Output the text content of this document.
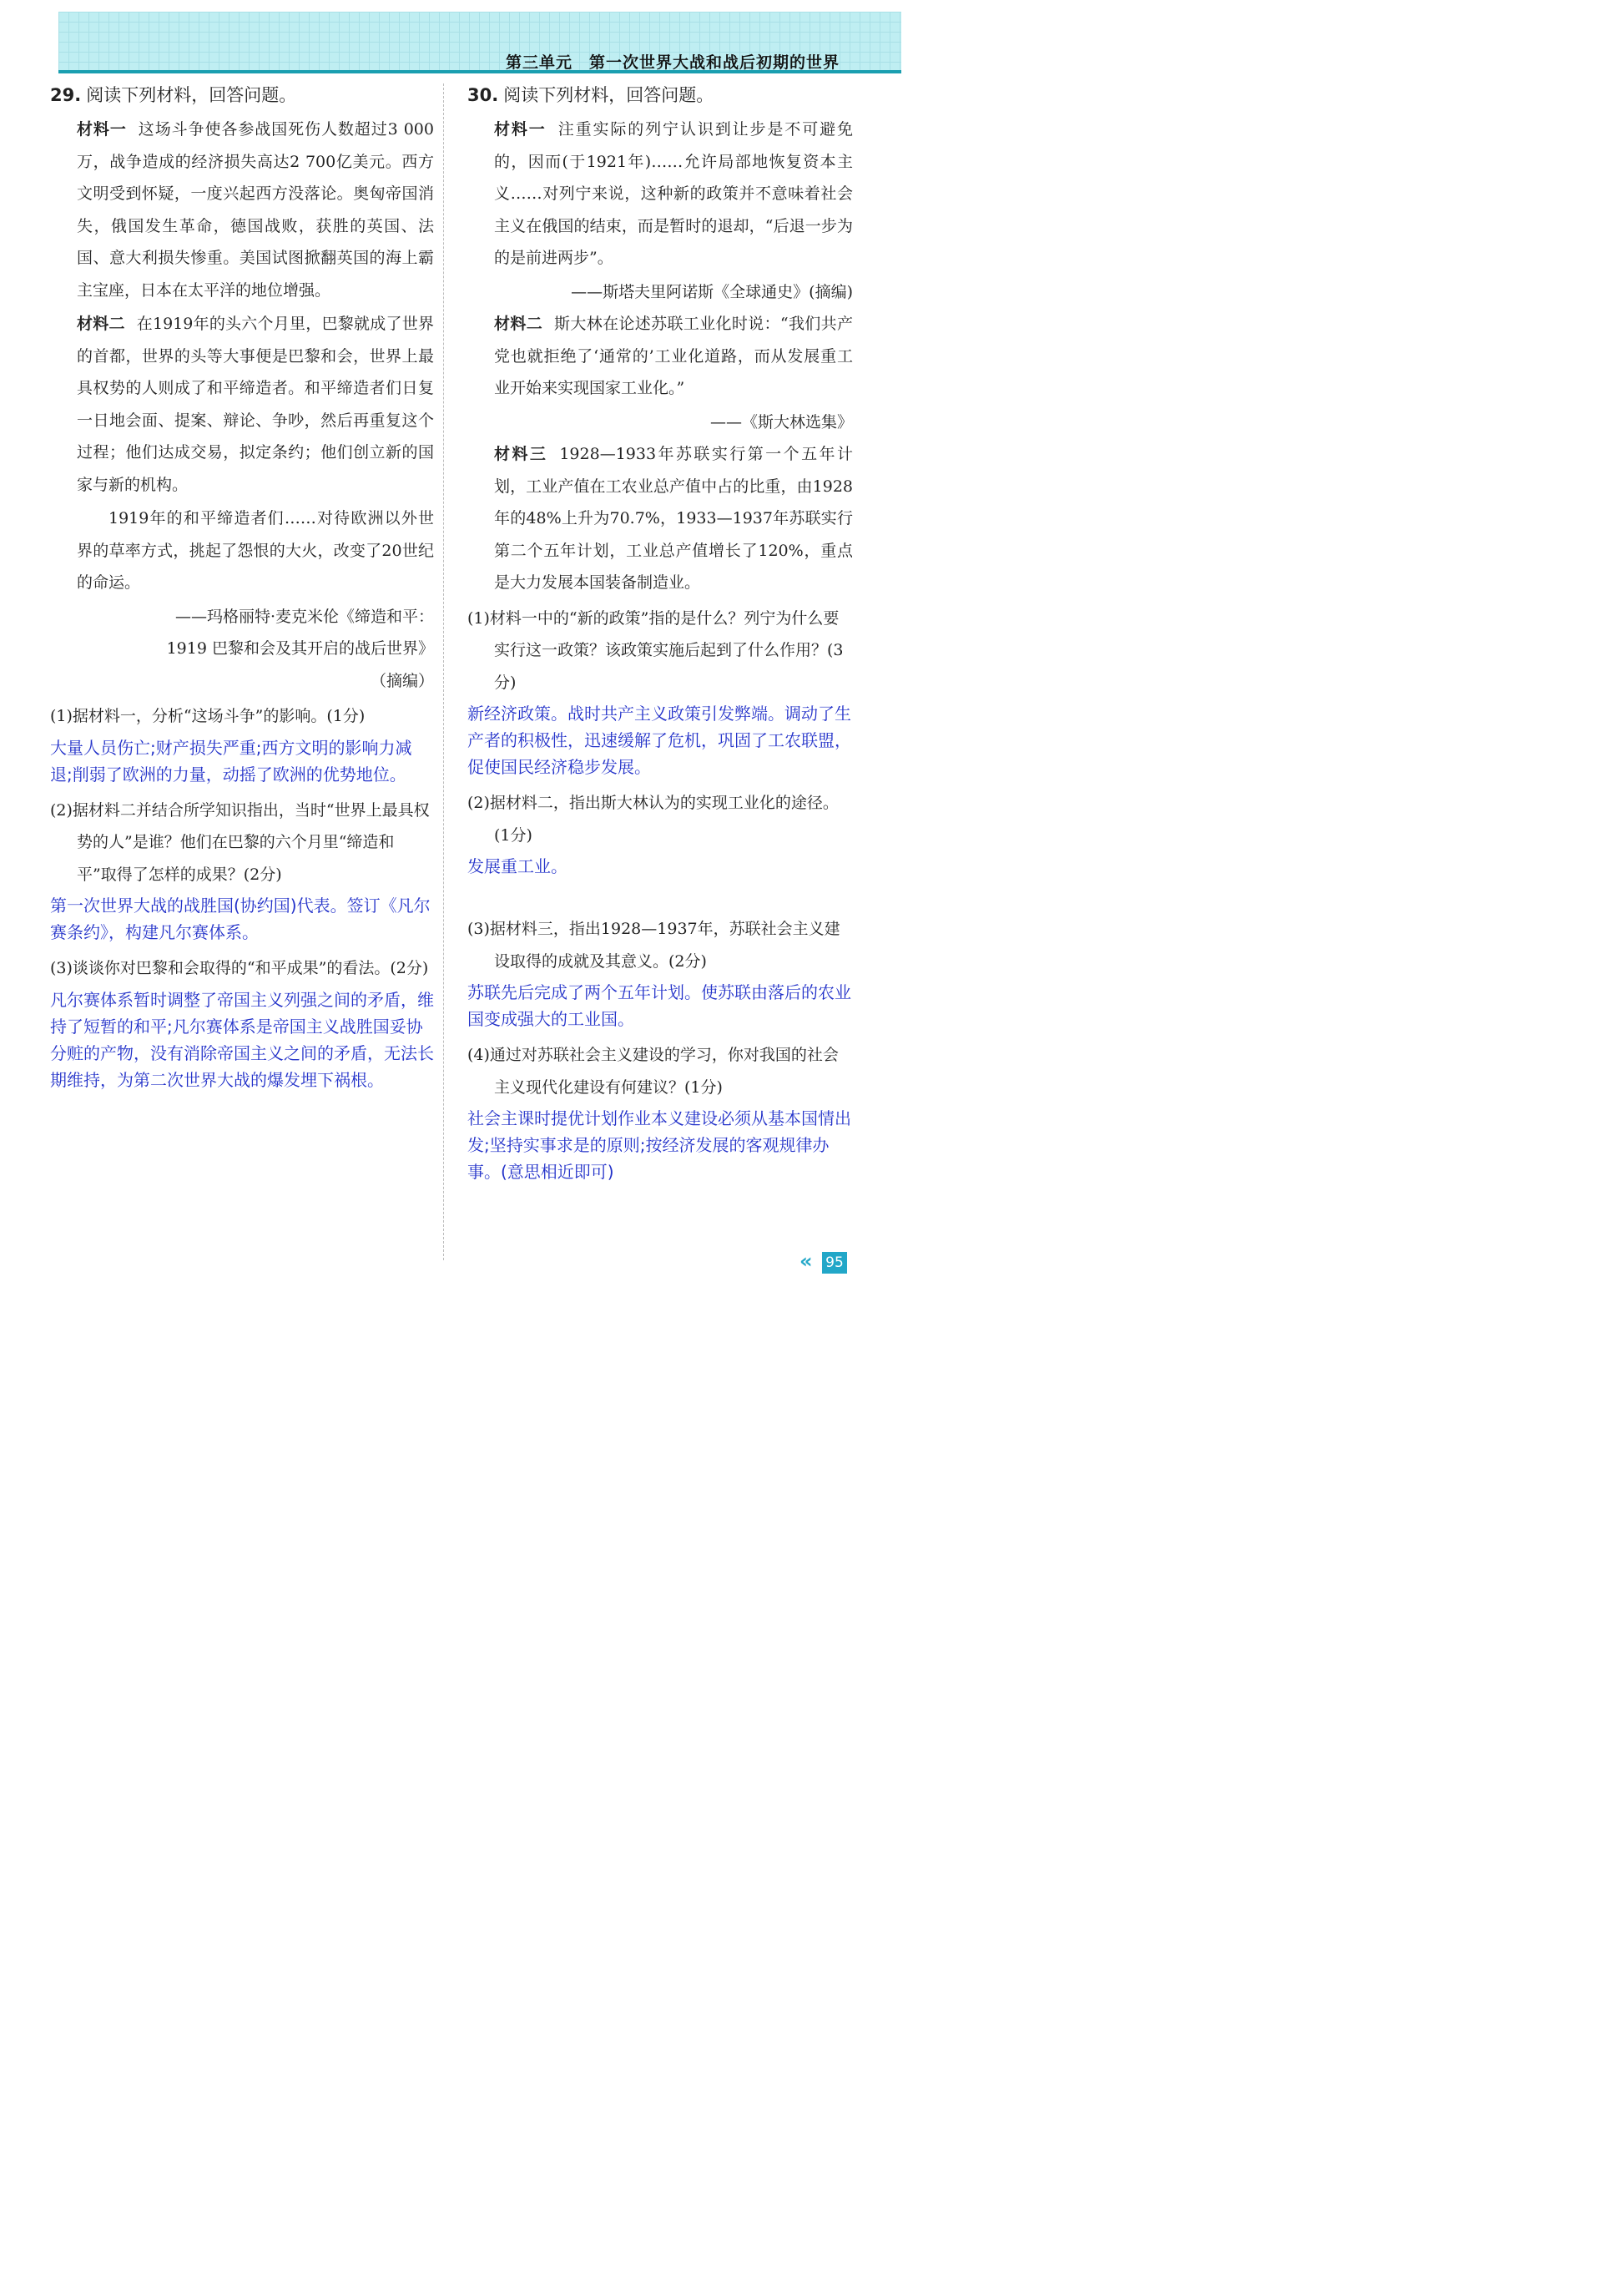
第三单元　第一次世界大战和战后初期的世界

29. 阅读下列材料，回答问题。

材料一 这场斗争使各参战国死伤人数超过3 000万，战争造成的经济损失高达2 700亿美元。西方文明受到怀疑，一度兴起西方没落论。奥匈帝国消失，俄国发生革命，德国战败，获胜的英国、法国、意大利损失惨重。美国试图掀翻英国的海上霸主宝座，日本在太平洋的地位增强。

材料二 在1919年的头六个月里，巴黎就成了世界的首都，世界的头等大事便是巴黎和会，世界上最具权势的人则成了和平缔造者。和平缔造者们日复一日地会面、提案、辩论、争吵，然后再重复这个过程；他们达成交易，拟定条约；他们创立新的国家与新的机构。

1919年的和平缔造者们……对待欧洲以外世界的草率方式，挑起了怨恨的大火，改变了20世纪的命运。

——玛格丽特·麦克米伦《缔造和平：

1919 巴黎和会及其开启的战后世界》

（摘编）

(1)据材料一，分析“这场斗争”的影响。(1分)

大量人员伤亡;财产损失严重;西方文明的影响力减退;削弱了欧洲的力量，动摇了欧洲的优势地位。

(2)据材料二并结合所学知识指出，当时“世界上最具权势的人”是谁？他们在巴黎的六个月里“缔造和平”取得了怎样的成果？(2分)

第一次世界大战的战胜国(协约国)代表。签订《凡尔赛条约》，构建凡尔赛体系。

(3)谈谈你对巴黎和会取得的“和平成果”的看法。(2分)

凡尔赛体系暂时调整了帝国主义列强之间的矛盾，维持了短暂的和平;凡尔赛体系是帝国主义战胜国妥协分赃的产物，没有消除帝国主义之间的矛盾，无法长期维持，为第二次世界大战的爆发埋下祸根。

30. 阅读下列材料，回答问题。

材料一 注重实际的列宁认识到让步是不可避免的，因而(于1921年)……允许局部地恢复资本主义……对列宁来说，这种新的政策并不意味着社会主义在俄国的结束，而是暂时的退却，“后退一步为的是前进两步”。

——斯塔夫里阿诺斯《全球通史》(摘编)

材料二 斯大林在论述苏联工业化时说：“我们共产党也就拒绝了‘通常的’工业化道路，而从发展重工业开始来实现国家工业化。”

——《斯大林选集》

材料三 1928—1933年苏联实行第一个五年计划，工业产值在工农业总产值中占的比重，由1928年的48%上升为70.7%，1933—1937年苏联实行第二个五年计划，工业总产值增长了120%，重点是大力发展本国装备制造业。

(1)材料一中的“新的政策”指的是什么？列宁为什么要实行这一政策？该政策实施后起到了什么作用？(3分)

新经济政策。战时共产主义政策引发弊端。调动了生产者的积极性，迅速缓解了危机，巩固了工农联盟，促使国民经济稳步发展。

(2)据材料二，指出斯大林认为的实现工业化的途径。(1分)

发展重工业。

(3)据材料三，指出1928—1937年，苏联社会主义建设取得的成就及其意义。(2分)

苏联先后完成了两个五年计划。使苏联由落后的农业国变成强大的工业国。

(4)通过对苏联社会主义建设的学习，你对我国的社会主义现代化建设有何建议？(1分)

社会主课时提优计划作业本义建设必须从基本国情出发;坚持实事求是的原则;按经济发展的客观规律办事。(意思相近即可)

« 95
